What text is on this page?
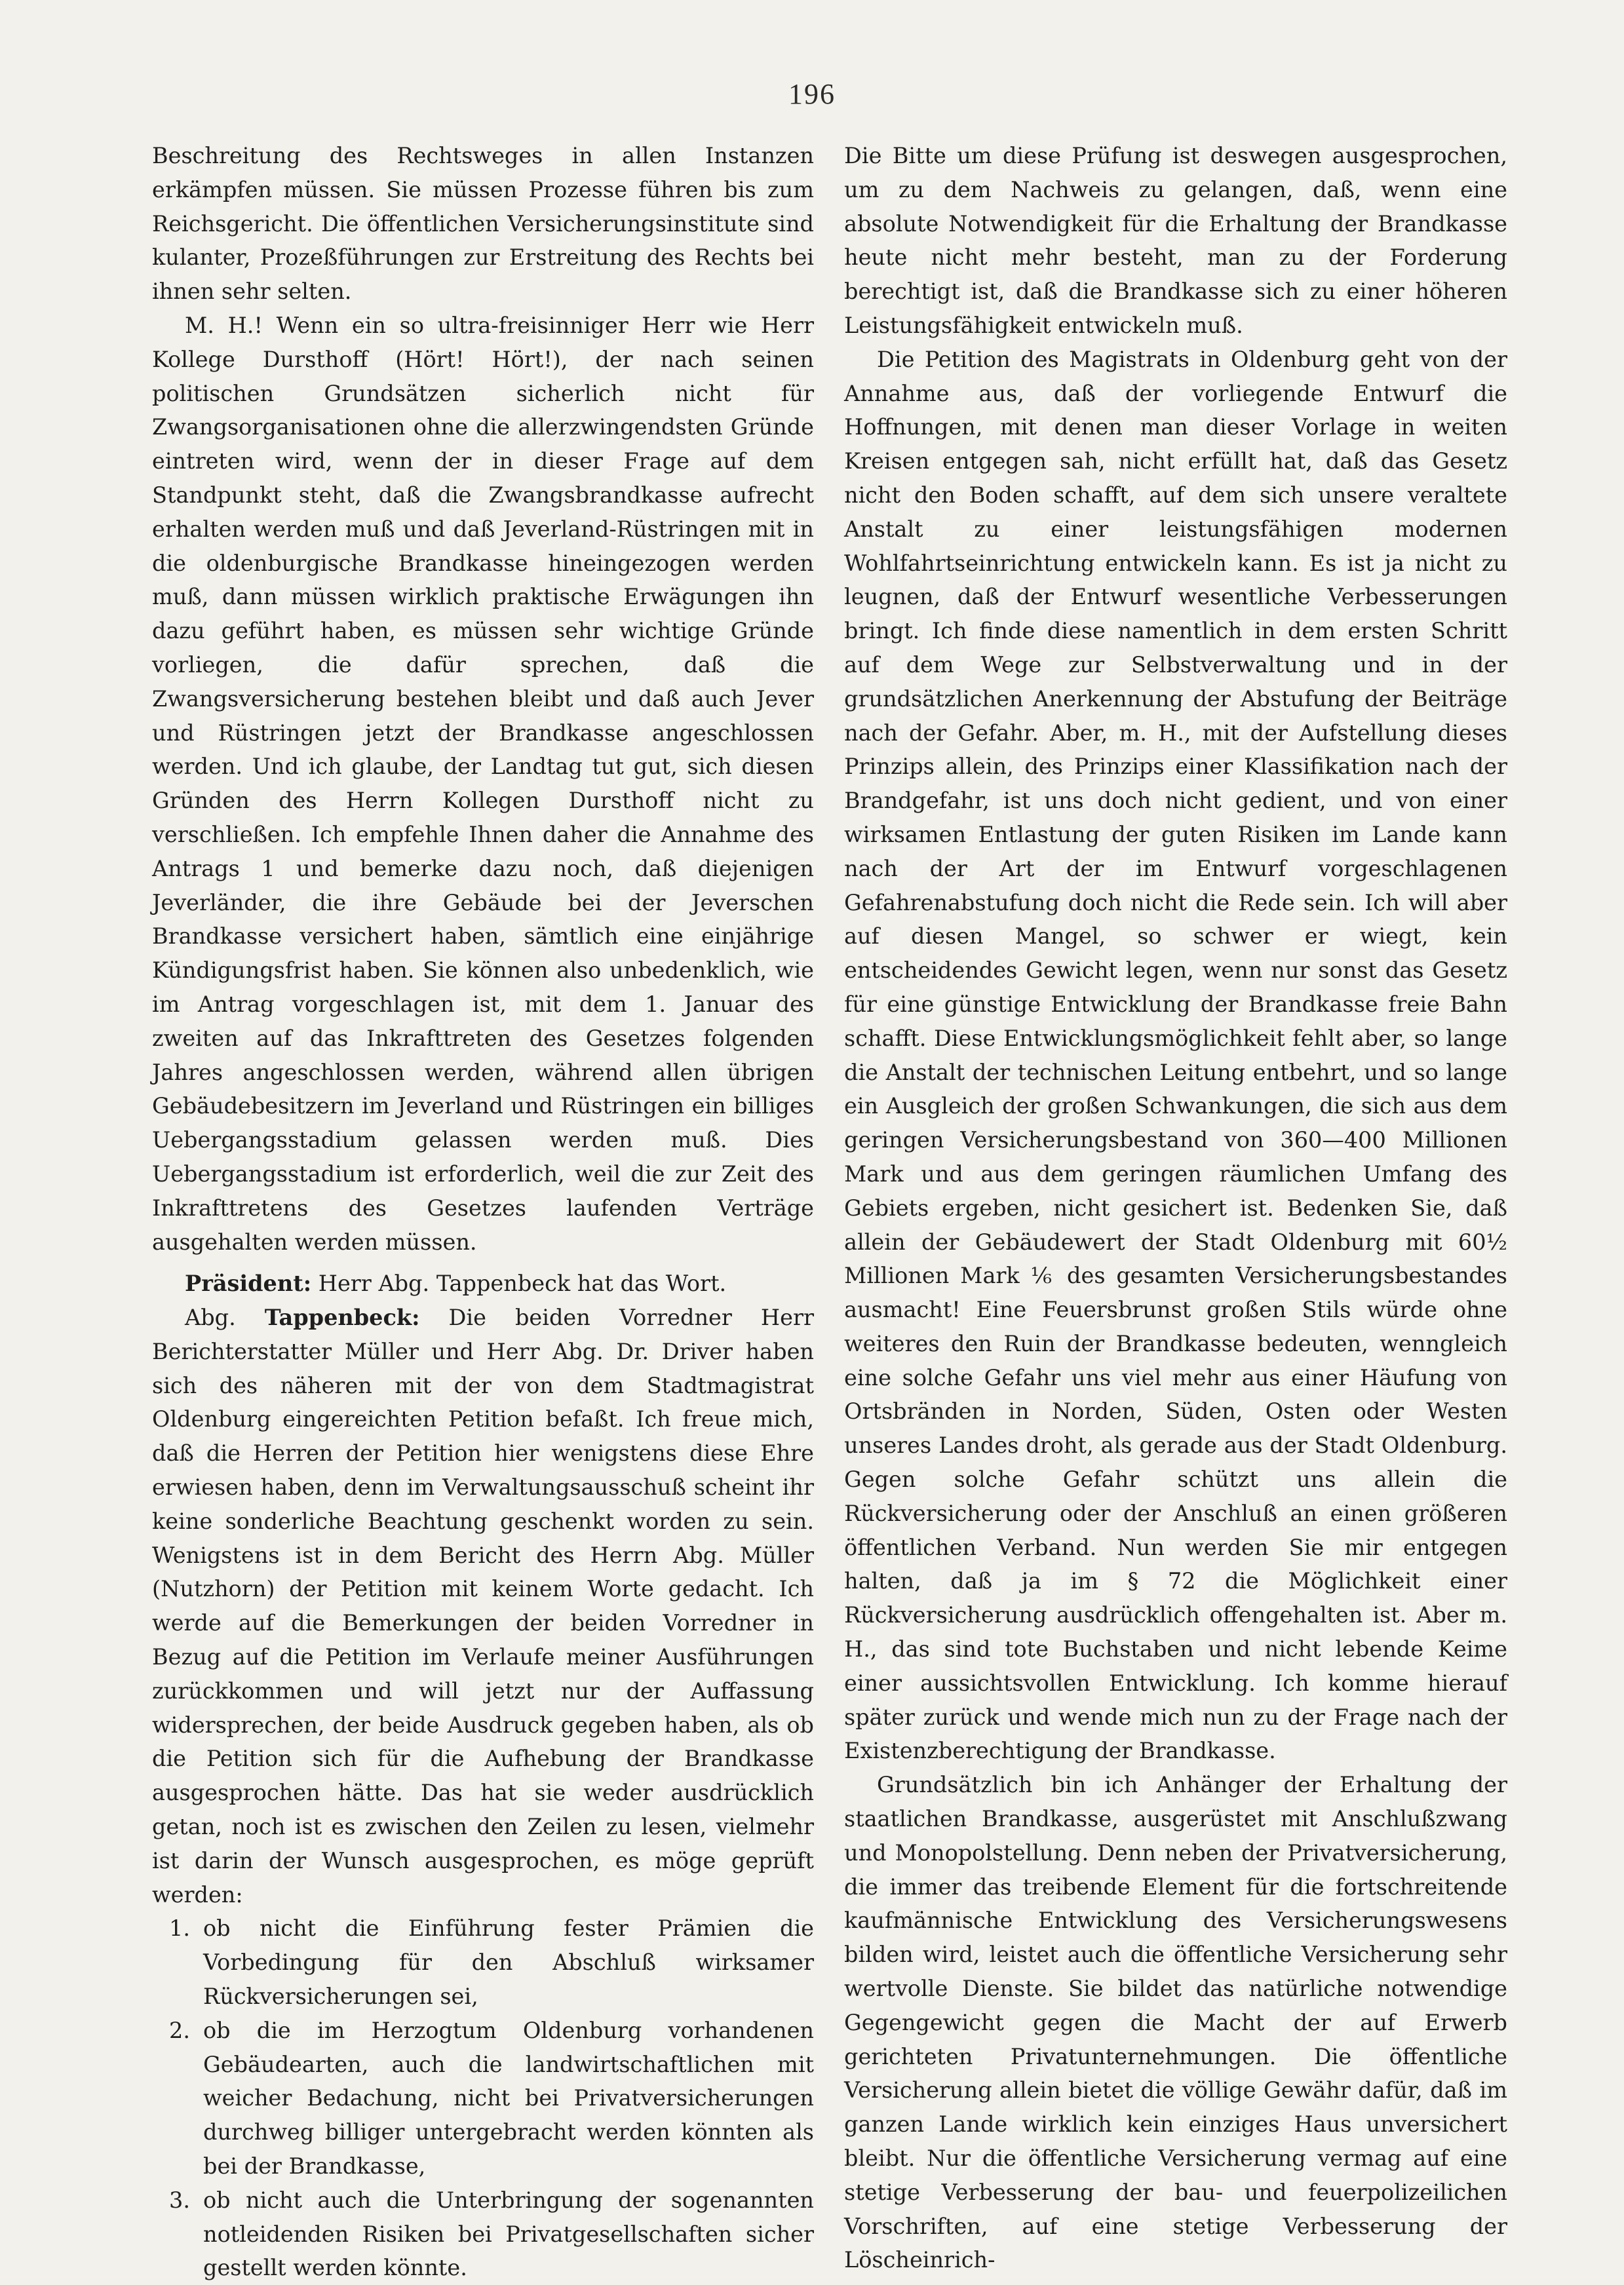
196

Beschreitung des Rechtsweges in allen Instanzen erkämpfen müssen. Sie müssen Prozesse führen bis zum Reichsgericht. Die öffentlichen Versicherungsinstitute sind kulanter, Prozeßführungen zur Erstreitung des Rechts bei ihnen sehr selten.

M. H.! Wenn ein so ultra-freisinniger Herr wie Herr Kollege Dursthoff (Hört! Hört!), der nach seinen politischen Grundsätzen sicherlich nicht für Zwangsorganisationen ohne die allerzwingendsten Gründe eintreten wird, wenn der in dieser Frage auf dem Standpunkt steht, daß die Zwangsbrandkasse aufrecht erhalten werden muß und daß Jeverland-Rüstringen mit in die oldenburgische Brandkasse hineingezogen werden muß, dann müssen wirklich praktische Erwägungen ihn dazu geführt haben, es müssen sehr wichtige Gründe vorliegen, die dafür sprechen, daß die Zwangsversicherung bestehen bleibt und daß auch Jever und Rüstringen jetzt der Brandkasse angeschlossen werden. Und ich glaube, der Landtag tut gut, sich diesen Gründen des Herrn Kollegen Dursthoff nicht zu verschließen. Ich empfehle Ihnen daher die Annahme des Antrags 1 und bemerke dazu noch, daß diejenigen Jeverländer, die ihre Gebäude bei der Jeverschen Brandkasse versichert haben, sämtlich eine einjährige Kündigungsfrist haben. Sie können also unbedenklich, wie im Antrag vorgeschlagen ist, mit dem 1. Januar des zweiten auf das Inkrafttreten des Gesetzes folgenden Jahres angeschlossen werden, während allen übrigen Gebäudebesitzern im Jeverland und Rüstringen ein billiges Uebergangsstadium gelassen werden muß. Dies Uebergangsstadium ist erforderlich, weil die zur Zeit des Inkrafttretens des Gesetzes laufenden Verträge ausgehalten werden müssen.

Präsident: Herr Abg. Tappenbeck hat das Wort.

Abg. Tappenbeck: Die beiden Vorredner Herr Berichterstatter Müller und Herr Abg. Dr. Driver haben sich des näheren mit der von dem Stadtmagistrat Oldenburg eingereichten Petition befaßt. Ich freue mich, daß die Herren der Petition hier wenigstens diese Ehre erwiesen haben, denn im Verwaltungsausschuß scheint ihr keine sonderliche Beachtung geschenkt worden zu sein. Wenigstens ist in dem Bericht des Herrn Abg. Müller (Nutzhorn) der Petition mit keinem Worte gedacht. Ich werde auf die Bemerkungen der beiden Vorredner in Bezug auf die Petition im Verlaufe meiner Ausführungen zurückkommen und will jetzt nur der Auffassung widersprechen, der beide Ausdruck gegeben haben, als ob die Petition sich für die Aufhebung der Brandkasse ausgesprochen hätte. Das hat sie weder ausdrücklich getan, noch ist es zwischen den Zeilen zu lesen, vielmehr ist darin der Wunsch ausgesprochen, es möge geprüft werden:

1. ob nicht die Einführung fester Prämien die Vorbedingung für den Abschluß wirksamer Rückversicherungen sei,
2. ob die im Herzogtum Oldenburg vorhandenen Gebäudearten, auch die landwirtschaftlichen mit weicher Bedachung, nicht bei Privatversicherungen durchweg billiger untergebracht werden könnten als bei der Brandkasse,
3. ob nicht auch die Unterbringung der sogenannten notleidenden Risiken bei Privatgesellschaften sicher gestellt werden könnte.

Die Bitte um diese Prüfung ist deswegen ausgesprochen, um zu dem Nachweis zu gelangen, daß, wenn eine absolute Notwendigkeit für die Erhaltung der Brandkasse heute nicht mehr besteht, man zu der Forderung berechtigt ist, daß die Brandkasse sich zu einer höheren Leistungsfähigkeit entwickeln muß.

Die Petition des Magistrats in Oldenburg geht von der Annahme aus, daß der vorliegende Entwurf die Hoffnungen, mit denen man dieser Vorlage in weiten Kreisen entgegen sah, nicht erfüllt hat, daß das Gesetz nicht den Boden schafft, auf dem sich unsere veraltete Anstalt zu einer leistungsfähigen modernen Wohlfahrtseinrichtung entwickeln kann. Es ist ja nicht zu leugnen, daß der Entwurf wesentliche Verbesserungen bringt. Ich finde diese namentlich in dem ersten Schritt auf dem Wege zur Selbstverwaltung und in der grundsätzlichen Anerkennung der Abstufung der Beiträge nach der Gefahr. Aber, m. H., mit der Aufstellung dieses Prinzips allein, des Prinzips einer Klassifikation nach der Brandgefahr, ist uns doch nicht gedient, und von einer wirksamen Entlastung der guten Risiken im Lande kann nach der Art der im Entwurf vorgeschlagenen Gefahrenabstufung doch nicht die Rede sein. Ich will aber auf diesen Mangel, so schwer er wiegt, kein entscheidendes Gewicht legen, wenn nur sonst das Gesetz für eine günstige Entwicklung der Brandkasse freie Bahn schafft. Diese Entwicklungsmöglichkeit fehlt aber, so lange die Anstalt der technischen Leitung entbehrt, und so lange ein Ausgleich der großen Schwankungen, die sich aus dem geringen Versicherungsbestand von 360—400 Millionen Mark und aus dem geringen räumlichen Umfang des Gebiets ergeben, nicht gesichert ist. Bedenken Sie, daß allein der Gebäudewert der Stadt Oldenburg mit 60½ Millionen Mark ⅙ des gesamten Versicherungsbestandes ausmacht! Eine Feuersbrunst großen Stils würde ohne weiteres den Ruin der Brandkasse bedeuten, wenngleich eine solche Gefahr uns viel mehr aus einer Häufung von Ortsbränden in Norden, Süden, Osten oder Westen unseres Landes droht, als gerade aus der Stadt Oldenburg. Gegen solche Gefahr schützt uns allein die Rückversicherung oder der Anschluß an einen größeren öffentlichen Verband. Nun werden Sie mir entgegen halten, daß ja im § 72 die Möglichkeit einer Rückversicherung ausdrücklich offengehalten ist. Aber m. H., das sind tote Buchstaben und nicht lebende Keime einer aussichtsvollen Entwicklung. Ich komme hierauf später zurück und wende mich nun zu der Frage nach der Existenzberechtigung der Brandkasse.

Grundsätzlich bin ich Anhänger der Erhaltung der staatlichen Brandkasse, ausgerüstet mit Anschlußzwang und Monopolstellung. Denn neben der Privatversicherung, die immer das treibende Element für die fortschreitende kaufmännische Entwicklung des Versicherungswesens bilden wird, leistet auch die öffentliche Versicherung sehr wertvolle Dienste. Sie bildet das natürliche notwendige Gegengewicht gegen die Macht der auf Erwerb gerichteten Privatunternehmungen. Die öffentliche Versicherung allein bietet die völlige Gewähr dafür, daß im ganzen Lande wirklich kein einziges Haus unversichert bleibt. Nur die öffentliche Versicherung vermag auf eine stetige Verbesserung der bau- und feuerpolizeilichen Vorschriften, auf eine stetige Verbesserung der Löscheinrich-
